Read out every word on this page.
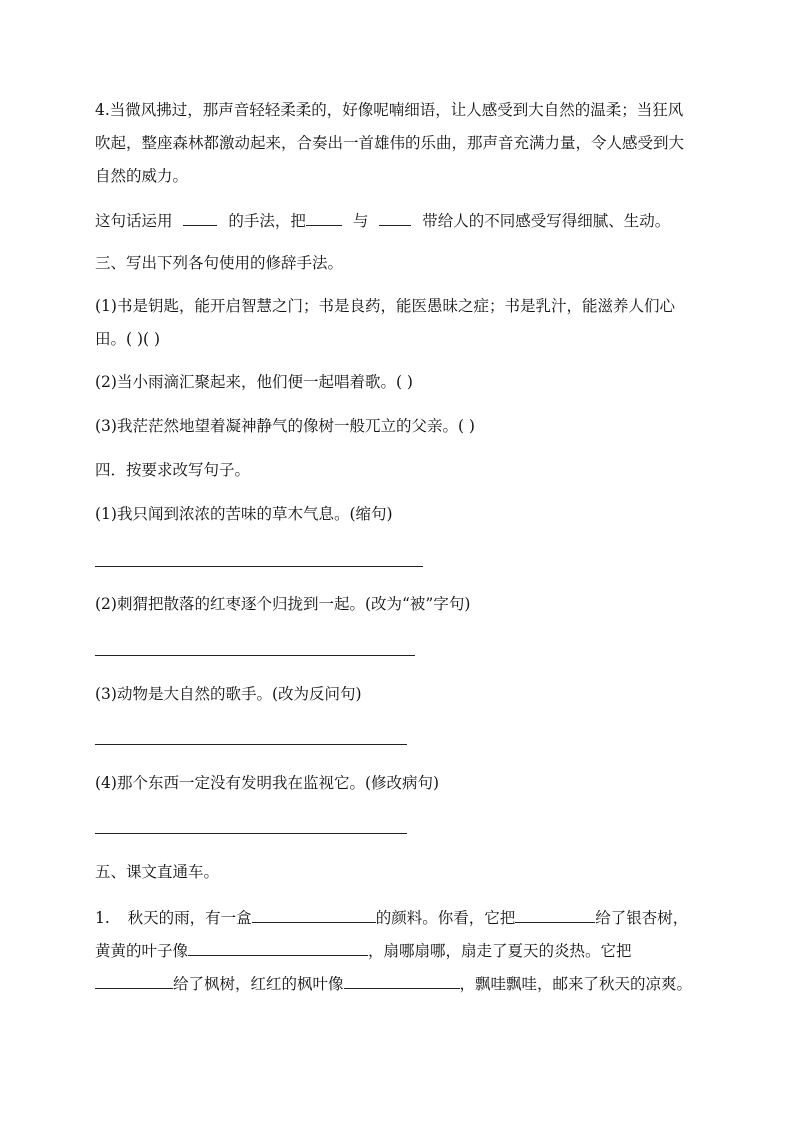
4.当微风拂过，那声音轻轻柔柔的，好像呢喃细语，让人感受到大自然的温柔；当狂风
吹起，整座森林都激动起来，合奏出一首雄伟的乐曲，那声音充满力量，令人感受到大
自然的威力。
这句话运用	的手法，把	与	带给人的不同感受写得细腻、生动。
三、写出下列各句使用的修辞手法。
(1)书是钥匙，能开启智慧之门；书是良药，能医愚昧之症；书是乳汁，能滋养人们心
田。( )( )
(2)当小雨滴汇聚起来，他们便一起唱着歌。( )
(3)我茫茫然地望着凝神静气的像树一般兀立的父亲。( )
四．按要求改写句子。
(1)我只闻到浓浓的苦味的草木气息。(缩句)
(2)刺猬把散落的红枣逐个归拢到一起。(改为“被”字句)
(3)动物是大自然的歌手。(改为反问句)
(4)那个东西一定没有发明我在监视它。(修改病句)
五、课文直通车。
1. 秋天的雨，有一盒	的颜料。你看，它把	给了银杏树，
黄黄的叶子像	，扇哪扇哪，扇走了夏天的炎热。它把
给了枫树，红红的枫叶像	，飘哇飘哇，邮来了秋天的凉爽。
